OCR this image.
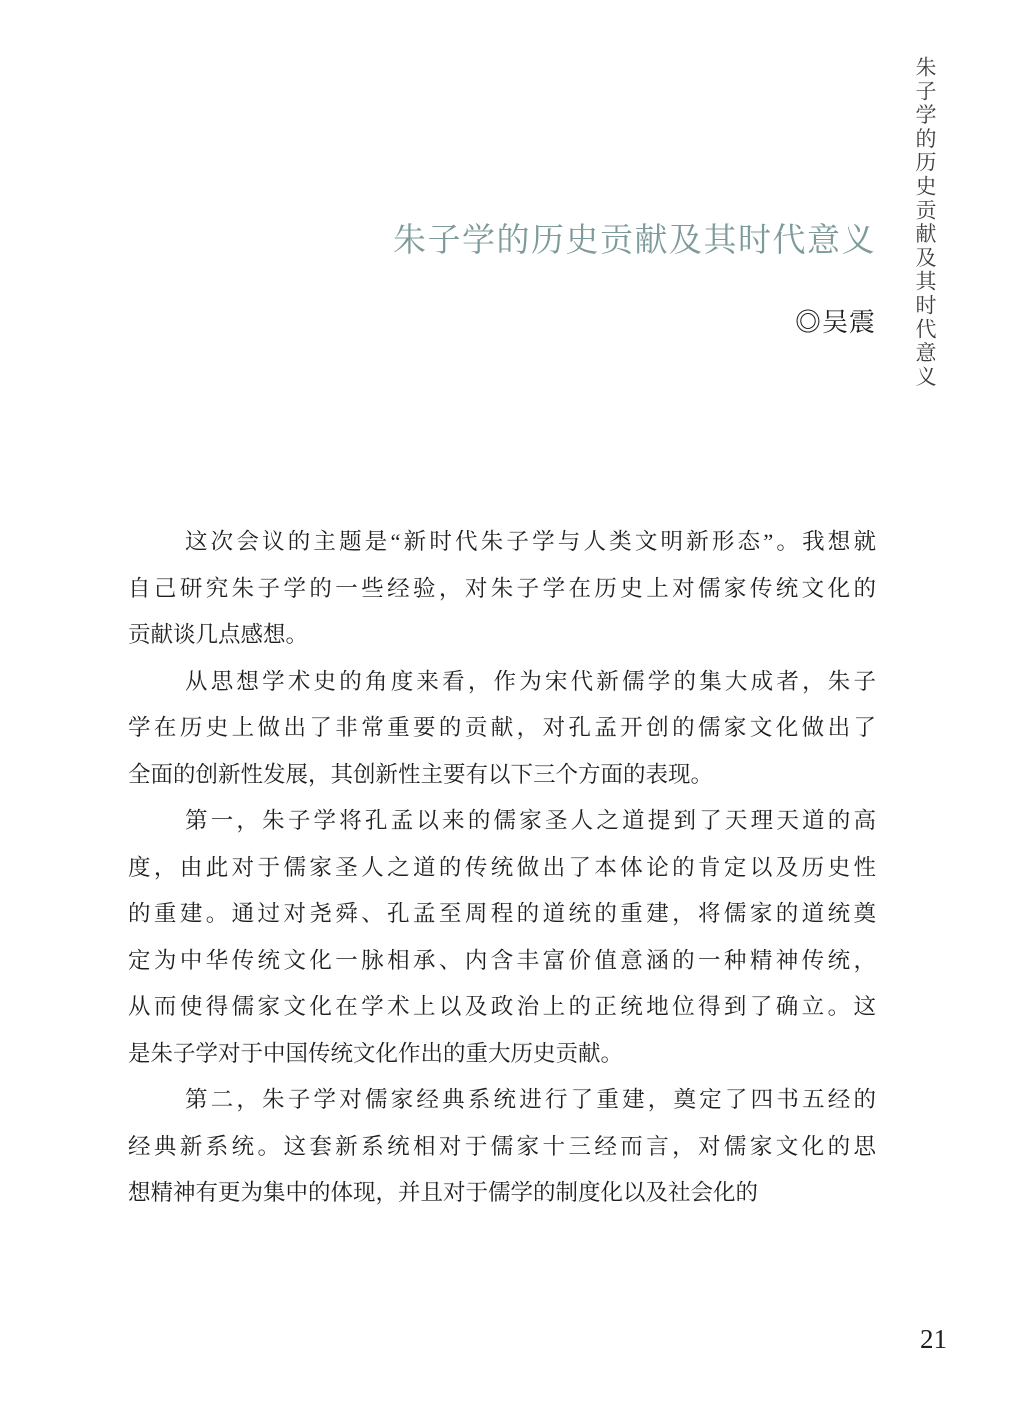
朱子学的历史贡献及其时代意义
朱子学的历史贡献及其时代意义
◎吴震
这次会议的主题是“新时代朱子学与人类文明新形态”。我想就
自己研究朱子学的一些经验，对朱子学在历史上对儒家传统文化的
贡献谈几点感想。
从思想学术史的角度来看，作为宋代新儒学的集大成者，朱子
学在历史上做出了非常重要的贡献，对孔孟开创的儒家文化做出了
全面的创新性发展，其创新性主要有以下三个方面的表现。
第一，朱子学将孔孟以来的儒家圣人之道提到了天理天道的高
度，由此对于儒家圣人之道的传统做出了本体论的肯定以及历史性
的重建。通过对尧舜、孔孟至周程的道统的重建，将儒家的道统奠
定为中华传统文化一脉相承、内含丰富价值意涵的一种精神传统，
从而使得儒家文化在学术上以及政治上的正统地位得到了确立。这
是朱子学对于中国传统文化作出的重大历史贡献。
第二，朱子学对儒家经典系统进行了重建，奠定了四书五经的
经典新系统。这套新系统相对于儒家十三经而言，对儒家文化的思
想精神有更为集中的体现，并且对于儒学的制度化以及社会化的
21
